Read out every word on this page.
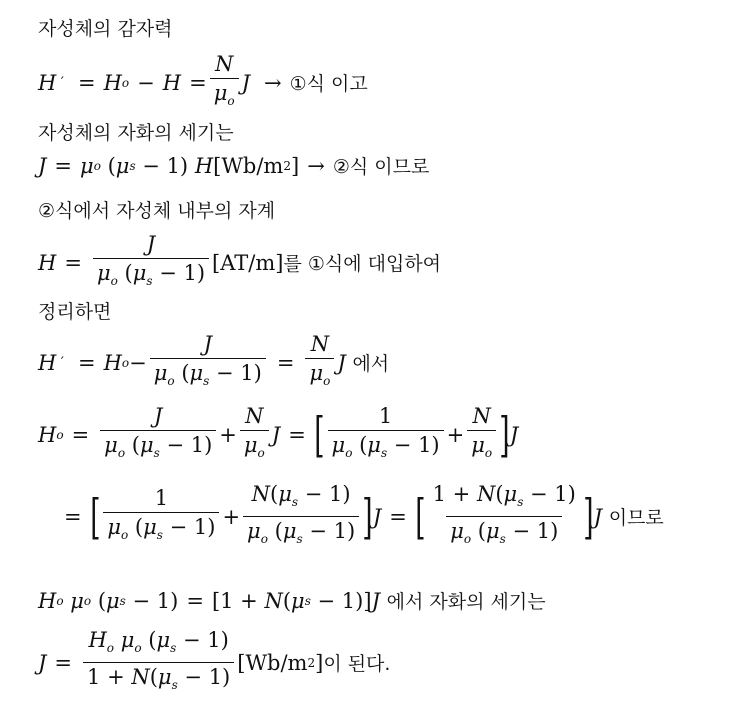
자성체의 감자력
H ′ = H $o - H = \frac{N}{\mu_o}$ J → ①식 이고
자성체의 자화의 세기는
J = μ o ( μ s − 1) H [Wb/m 2 ] → ②식 이므로
②식에서 자성체 내부의 자계
$H = \frac{J}{\mu_o (\mu_s - 1)} [AT/m]$ 를 ①식에 대입하여
정리하면
H ′ = H $o - \frac{J}{\mu_o (\mu_s - 1)} = \frac{N}{\mu_o}$ J
에서
H $o = \frac{J}{\mu_o (\mu_s - 1)} + \frac{N}{\mu_o}$ J = [ $\frac{1}{\mu_o (\mu_s - 1)} + \frac{N}{\mu_o}$ ] J
= [ $\frac{1}{\mu_o (\mu_s - 1)} + \frac{N(\mu_s - 1)}{\mu_o (\mu_s - 1)}$ ] J = [ $\frac{1 + N(\mu_s - 1)}{\mu_o (\mu_s - 1)}$ ] J
이므로
H o
μ o ( μ s − 1) =
[1 + N ( μ s − 1)] J
에서 자화의 세기는
$J = \frac{H_o \mu_o (\mu_s - 1)}{1 + N(\mu_s - 1)} [Wb/m$ 2 ] 이 된다.
